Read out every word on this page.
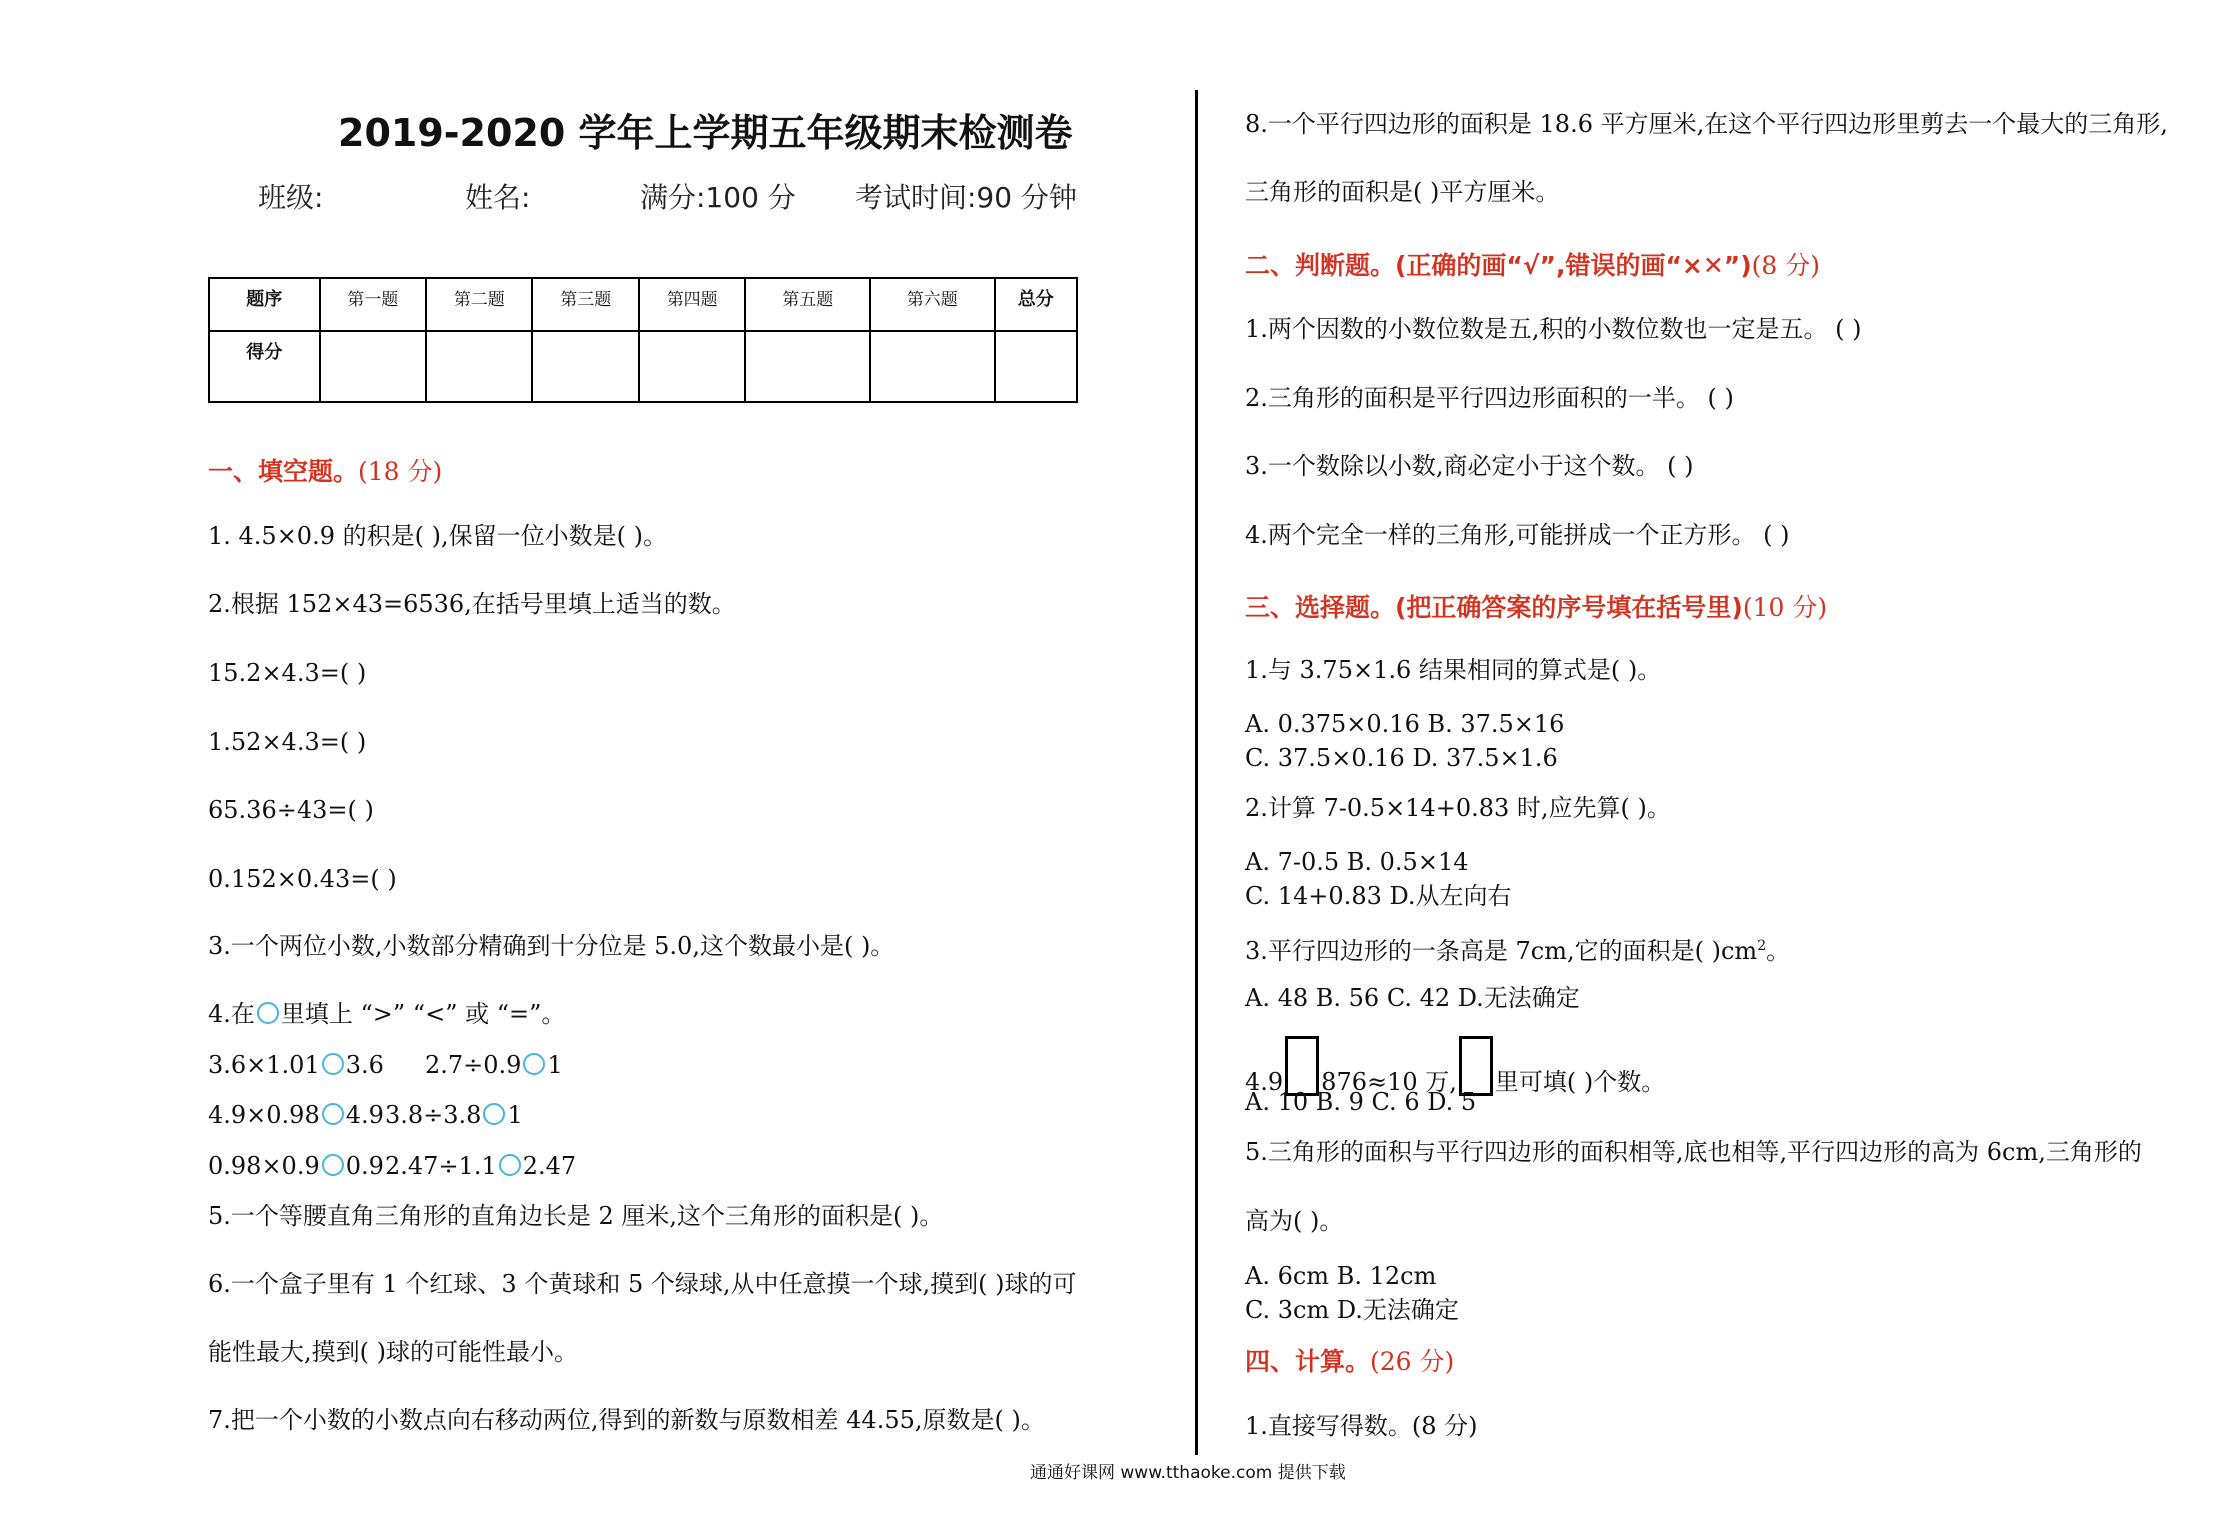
2019-2020 学年上学期五年级期末检测卷
班级:	姓名:	满分:100 分 考试时间:90 分钟
题序	第一题	第二题	第三题	第四题	第五题	第六题	总分
得分							
一、填空题。(18 分)
1. 4.5×0.9 的积是( ),保留一位小数是( )。
2.根据 152×43=6536,在括号里填上适当的数。
15.2×4.3=( )
1.52×4.3=( )
65.36÷43=( )
0.152×0.43=( )
3.一个两位小数,小数部分精确到十分位是 5.0,这个数最小是( )。
4.在 里填上 “>” “<” 或 “=”。
3.6×1.01 3.6 2.7÷0.9 1
4.9×0.98 4.9 3.8÷3.8 1
0.98×0.9 0.9 2.47÷1.1 2.47
5.一个等腰直角三角形的直角边长是 2 厘米,这个三角形的面积是( )。
6.一个盒子里有 1 个红球、3 个黄球和 5 个绿球,从中任意摸一个球,摸到( )球的可
能性最大,摸到( )球的可能性最小。
7.把一个小数的小数点向右移动两位,得到的新数与原数相差 44.55,原数是( )。
8.一个平行四边形的面积是 18.6 平方厘米,在这个平行四边形里剪去一个最大的三角形,
三角形的面积是( )平方厘米。
二、判断题。(正确的画“√”,错误的画“×✕”)(8 分)
1.两个因数的小数位数是五,积的小数位数也一定是五。 ( )
2.三角形的面积是平行四边形面积的一半。 ( )
3.一个数除以小数,商必定小于这个数。 ( )
4.两个完全一样的三角形,可能拼成一个正方形。 ( )
三、选择题。(把正确答案的序号填在括号里)(10 分)
1.与 3.75×1.6 结果相同的算式是( )。
A. 0.375×0.16 B. 37.5×16
C. 37.5×0.16 D. 37.5×1.6
2.计算 7-0.5×14+0.83 时,应先算( )。
A. 7-0.5 B. 0.5×14
C. 14+0.83 D.从左向右
3.平行四边形的一条高是 7cm,它的面积是( )$cm^2$。
A. 48 B. 56 C. 42 D.无法确定
4.9 876≈10 万, 里可填( )个数。
A. 10 B. 9 C. 6 D. 5
5.三角形的面积与平行四边形的面积相等,底也相等,平行四边形的高为 6cm,三角形的
高为( )。
A. 6cm B. 12cm
C. 3cm D.无法确定
四、计算。(26 分)
1.直接写得数。(8 分)
通通好课网 www.tthaoke.com 提供下载
